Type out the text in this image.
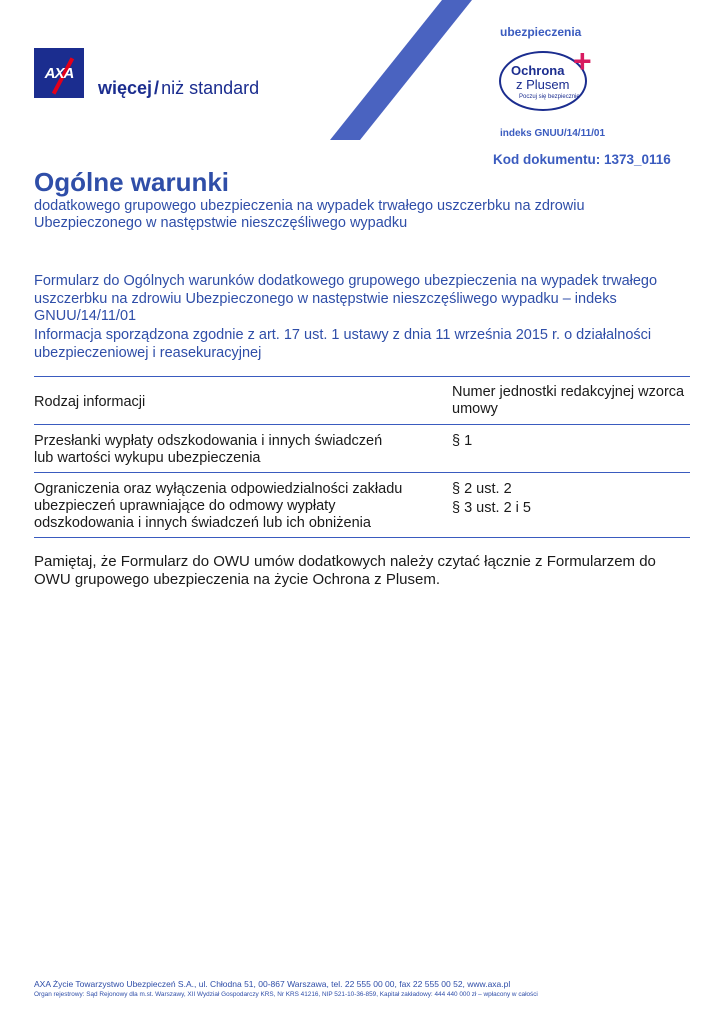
AXA
więcej / niż standard
ubezpieczenia
Ochrona
z Plusem
Poczuj się bezpiecznie
+
indeks GNUU/14/11/01
Kod dokumentu: 1373_0116
Ogólne warunki
dodatkowego grupowego ubezpieczenia na wypadek trwałego uszczerbku na zdrowiu Ubezpieczonego w następstwie nieszczęśliwego wypadku
Formularz do Ogólnych warunków dodatkowego grupowego ubezpieczenia na wypadek trwałego uszczerbku na zdrowiu Ubezpieczonego w następstwie nieszczęśliwego wypadku – indeks GNUU/14/11/01
Informacja sporządzona zgodnie z art. 17 ust. 1 ustawy z dnia 11 września 2015 r. o działalności ubezpieczeniowej i reasekuracyjnej
Rodzaj informacji
Numer jednostki redakcyjnej wzorca umowy
Przesłanki wypłaty odszkodowania i innych świadczeń lub wartości wykupu ubezpieczenia
§ 1
Ograniczenia oraz wyłączenia odpowiedzialności zakładu ubezpieczeń uprawniające do odmowy wypłaty odszkodowania i innych świadczeń lub ich obniżenia
§ 2 ust. 2
§ 3 ust. 2 i 5
Pamiętaj, że Formularz do OWU umów dodatkowych należy czytać łącznie z Formularzem do OWU grupowego ubezpieczenia na życie Ochrona z Plusem.
AXA Życie Towarzystwo Ubezpieczeń S.A., ul. Chłodna 51, 00-867 Warszawa, tel. 22 555 00 00, fax 22 555 00 52, www.axa.pl
Organ rejestrowy: Sąd Rejonowy dla m.st. Warszawy, XII Wydział Gospodarczy KRS, Nr KRS 41216, NIP 521-10-36-859, Kapitał zakładowy: 444 440 000 zł – wpłacony w całości
